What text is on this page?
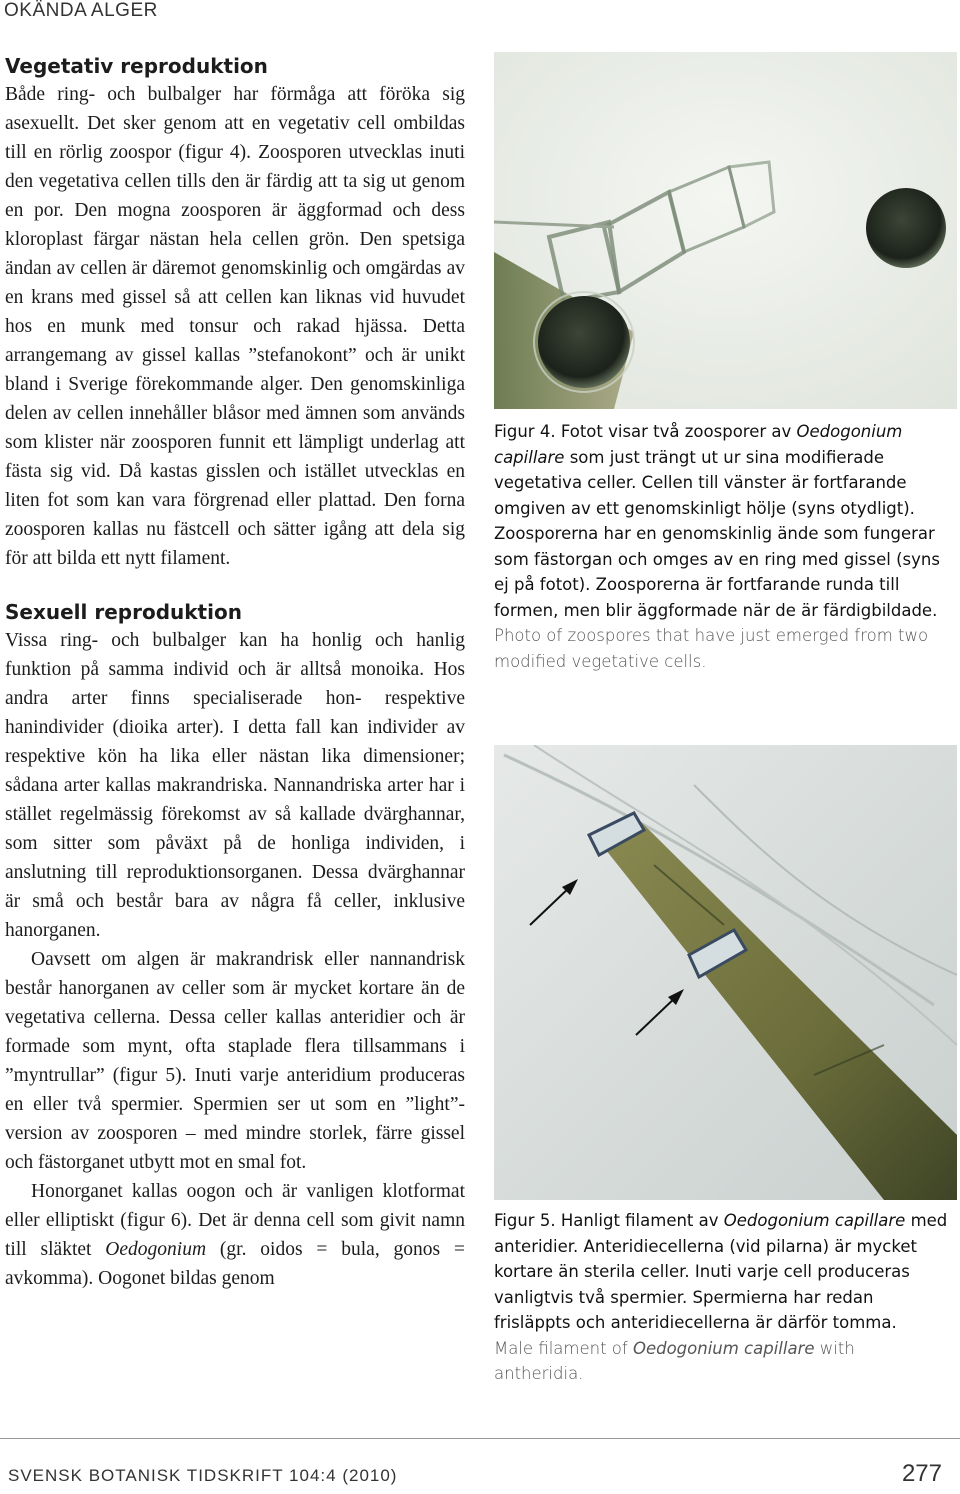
OKÄNDA ALGER
Vegetativ reproduktion

Både ring- och bulbalger har förmåga att föröka sig asexuellt. Det sker genom att en vegetativ cell ombildas till en rörlig zoospor (figur 4). Zoosporen utvecklas inuti den vegetativa cellen tills den är färdig att ta sig ut genom en por. Den mogna zoosporen är äggformad och dess kloroplast färgar nästan hela cellen grön. Den spetsiga ändan av cellen är däremot genomskinlig och omgärdas av en krans med gissel så att cellen kan liknas vid huvudet hos en munk med tonsur och rakad hjässa. Detta arrangemang av gissel kallas ”stefanokont” och är unikt bland i Sverige förekommande alger. Den genomskinliga delen av cellen innehåller blåsor med ämnen som används som klister när zoosporen funnit ett lämpligt underlag att fästa sig vid. Då kastas gisslen och istället utvecklas en liten fot som kan vara förgrenad eller plattad. Den forna zoosporen kallas nu fästcell och sätter igång att dela sig för att bilda ett nytt filament.

Sexuell reproduktion

Vissa ring- och bulbalger kan ha honlig och hanlig funktion på samma individ och är alltså monoika. Hos andra arter finns specialiserade hon- respektive hanindivider (dioika arter). I detta fall kan individer av respektive kön ha lika eller nästan lika dimensioner; sådana arter kallas makrandriska. Nannandriska arter har i stället regelmässig förekomst av så kallade dvärghannar, som sitter som påväxt på de honliga individen, i anslutning till reproduktionsorganen. Dessa dvärghannar är små och består bara av några få celler, inklusive hanorganen.

Oavsett om algen är makrandrisk eller nannandrisk består hanorganen av celler som är mycket kortare än de vegetativa cellerna. Dessa celler kallas anteridier och är formade som mynt, ofta staplade flera tillsammans i ”myntrullar” (figur 5). Inuti varje anteridium produceras en eller två spermier. Spermien ser ut som en ”light”-version av zoosporen – med mindre storlek, färre gissel och fästorganet utbytt mot en smal fot.

Honorganet kallas oogon och är vanligen klotformat eller elliptiskt (figur 6). Det är denna cell som givit namn till släktet Oedogonium (gr. oidos = bula, gonos = avkomma). Oogonet bildas genom

Figur 4. Fotot visar två zoosporer av Oedogonium capillare som just trängt ut ur sina modifierade vegetativa celler. Cellen till vänster är fortfarande omgiven av ett genomskinligt hölje (syns otydligt). Zoosporerna har en genomskinlig ände som fungerar som fästorgan och omges av en ring med gissel (syns ej på fotot). Zoosporerna är fortfarande runda till formen, men blir äggformade när de är färdigbildade.
Photo of zoospores that have just emerged from two modified vegetative cells.
Figur 5. Hanligt filament av Oedogonium capillare med anteridier. Anteridiecellerna (vid pilarna) är mycket kortare än sterila celler. Inuti varje cell produceras vanligtvis två spermier. Spermierna har redan frisläppts och anteridiecellerna är därför tomma.
Male filament of Oedogonium capillare with antheridia.
SVENSK BOTANISK TIDSKRIFT 104:4 (2010)	277
